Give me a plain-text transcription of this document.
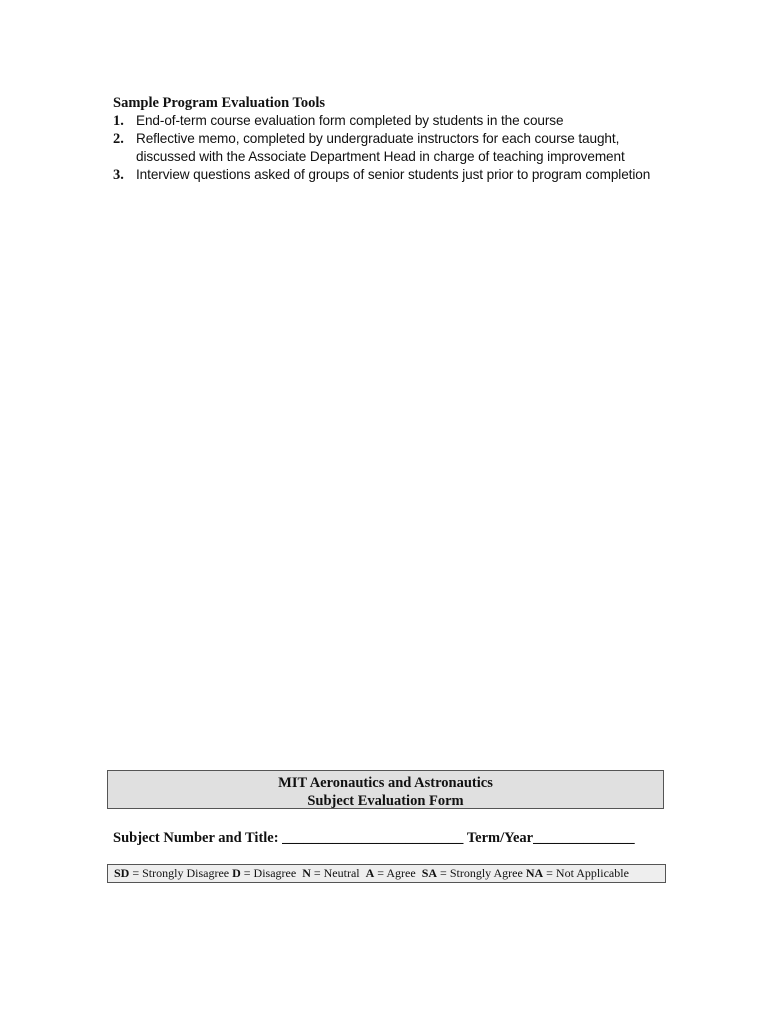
Sample Program Evaluation Tools
1. End-of-term course evaluation form completed by students in the course
2. Reflective memo, completed by undergraduate instructors for each course taught, discussed with the Associate Department Head in charge of teaching improvement
3. Interview questions asked of groups of senior students just prior to program completion
MIT Aeronautics and Astronautics
Subject Evaluation Form
Subject Number and Title: _________________________ Term/Year______________
SD = Strongly Disagree D = Disagree  N = Neutral  A = Agree  SA = Strongly Agree NA = Not Applicable
